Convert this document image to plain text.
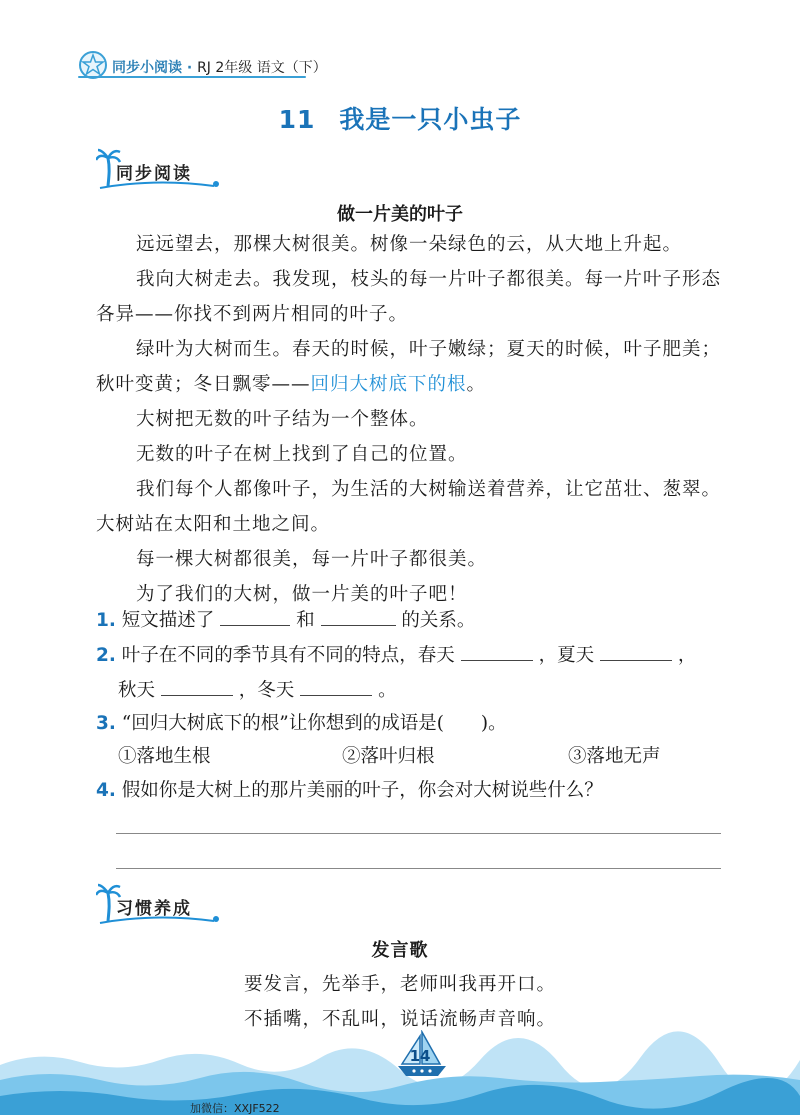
同步小阅读 · RJ 2年级 语文（下）
11 我是一只小虫子
同步阅读
做一片美的叶子
远远望去，那棵大树很美。树像一朵绿色的云，从大地上升起。
我向大树走去。我发现，枝头的每一片叶子都很美。每一片叶子形态各异——你找不到两片相同的叶子。
绿叶为大树而生。春天的时候，叶子嫩绿；夏天的时候，叶子肥美；秋叶变黄；冬日飘零——回归大树底下的根。
大树把无数的叶子结为一个整体。
无数的叶子在树上找到了自己的位置。
我们每个人都像叶子，为生活的大树输送着营养，让它茁壮、葱翠。大树站在太阳和土地之间。
每一棵大树都很美，每一片叶子都很美。
为了我们的大树，做一片美的叶子吧！
1. 短文描述了	和	的关系。
2. 叶子在不同的季节具有不同的特点，春天	，夏天	，
秋天	，冬天	。
3. “回归大树底下的根”让你想到的成语是(　　)。
①落地生根	②落叶归根	③落地无声
4. 假如你是大树上的那片美丽的叶子，你会对大树说些什么？
习惯养成
发言歌
要发言，先举手，老师叫我再开口。
不插嘴，不乱叫，说话流畅声音响。
14
加微信：XXJF522
